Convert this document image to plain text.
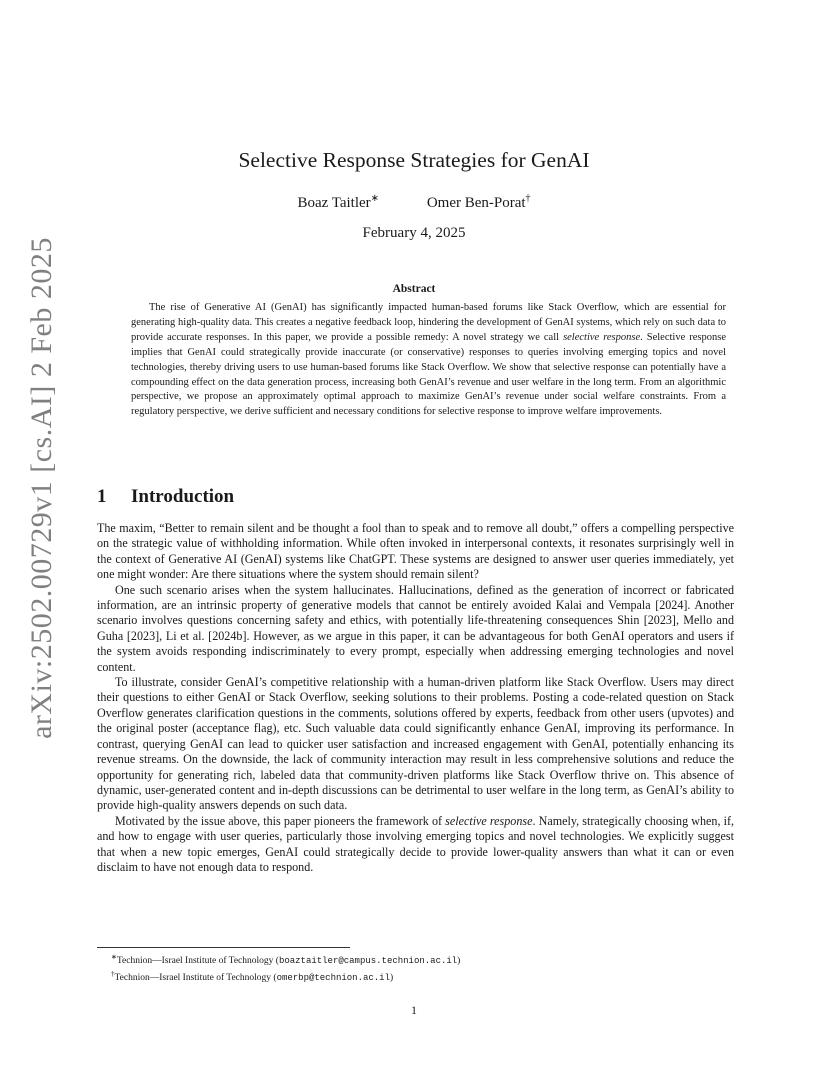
arXiv:2502.00729v1 [cs.AI] 2 Feb 2025
Selective Response Strategies for GenAI
Boaz Taitler∗	Omer Ben-Porat†
February 4, 2025
Abstract
The rise of Generative AI (GenAI) has significantly impacted human-based forums like Stack Overflow, which are essential for generating high-quality data. This creates a negative feedback loop, hindering the development of GenAI systems, which rely on such data to provide accurate responses. In this paper, we provide a possible remedy: A novel strategy we call selective response. Selective response implies that GenAI could strategically provide inaccurate (or conservative) responses to queries involving emerging topics and novel technologies, thereby driving users to use human-based forums like Stack Overflow. We show that selective response can potentially have a compounding effect on the data generation process, increasing both GenAI’s revenue and user welfare in the long term. From an algorithmic perspective, we propose an approximately optimal approach to maximize GenAI’s revenue under social welfare constraints. From a regulatory perspective, we derive sufficient and necessary conditions for selective response to improve welfare improvements.
1 Introduction

The maxim, “Better to remain silent and be thought a fool than to speak and to remove all doubt,” offers a compelling perspective on the strategic value of withholding information. While often invoked in interpersonal contexts, it resonates surprisingly well in the context of Generative AI (GenAI) systems like ChatGPT. These systems are designed to answer user queries immediately, yet one might wonder: Are there situations where the system should remain silent?

One such scenario arises when the system hallucinates. Hallucinations, defined as the generation of incorrect or fabricated information, are an intrinsic property of generative models that cannot be entirely avoided Kalai and Vempala [2024]. Another scenario involves questions concerning safety and ethics, with potentially life-threatening consequences Shin [2023], Mello and Guha [2023], Li et al. [2024b]. However, as we argue in this paper, it can be advantageous for both GenAI operators and users if the system avoids responding indiscriminately to every prompt, especially when addressing emerging technologies and novel content.

To illustrate, consider GenAI’s competitive relationship with a human-driven platform like Stack Overflow. Users may direct their questions to either GenAI or Stack Overflow, seeking solutions to their problems. Posting a code-related question on Stack Overflow generates clarification questions in the comments, solutions offered by experts, feedback from other users (upvotes) and the original poster (acceptance flag), etc. Such valuable data could significantly enhance GenAI, improving its performance. In contrast, querying GenAI can lead to quicker user satisfaction and increased engagement with GenAI, potentially enhancing its revenue streams. On the downside, the lack of community interaction may result in less comprehensive solutions and reduce the opportunity for generating rich, labeled data that community-driven platforms like Stack Overflow thrive on. This absence of dynamic, user-generated content and in-depth discussions can be detrimental to user welfare in the long term, as GenAI’s ability to provide high-quality answers depends on such data.

Motivated by the issue above, this paper pioneers the framework of selective response. Namely, strategically choosing when, if, and how to engage with user queries, particularly those involving emerging topics and novel technologies. We explicitly suggest that when a new topic emerges, GenAI could strategically decide to provide lower-quality answers than what it can or even disclaim to have not enough data to respond.

∗Technion—Israel Institute of Technology (boaztaitler@campus.technion.ac.il)
†Technion—Israel Institute of Technology (omerbp@technion.ac.il)
1
